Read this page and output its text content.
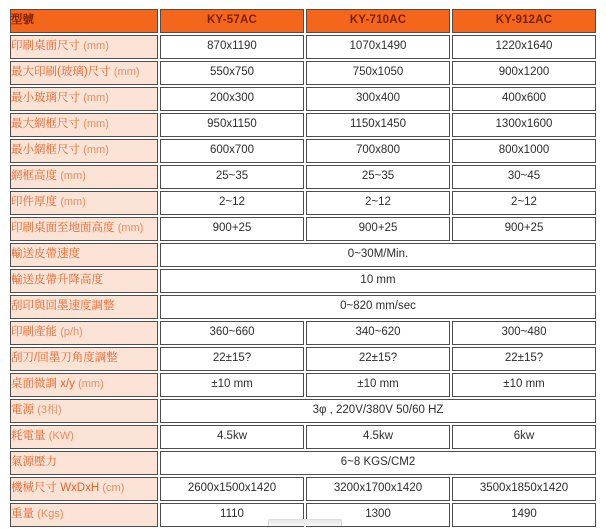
型號	KY-57AC	KY-710AC	KY-912AC
印刷桌面尺寸 (mm)	870x1190	1070x1490	1220x1640
最大印刷(玻璃)尺寸 (mm)	550x750	750x1050	900x1200
最小玻璃尺寸 (mm)	200x300	300x400	400x600
最大網框尺寸 (mm)	950x1150	1150x1450	1300x1600
最小網框尺寸 (mm)	600x700	700x800	800x1000
網框高度 (mm)	25~35	25~35	30~45
印件厚度 (mm)	2~12	2~12	2~12
印刷桌面至地面高度 (mm)	900+25	900+25	900+25
輸送皮帶速度	0~30M/Min.		
輸送皮帶升降高度	10 mm		
刮印與回墨速度調整	0~820 mm/sec		
印刷產能 (p/h)	360~660	340~620	300~480
刮刀/回墨刀角度調整	22±15?	22±15?	22±15?
桌面微調 x/y (mm)	±10 mm	±10 mm	±10 mm
電源 (3相)	3φ , 220V/380V 50/60 HZ		
耗電量 (KW)	4.5kw	4.5kw	6kw
氣源壓力	6~8 KGS/CM2		
機械尺寸 WxDxH (cm)	2600x1500x1420	3200x1700x1420	3500x1850x1420
重量 (Kgs)	1110	1300	1490
